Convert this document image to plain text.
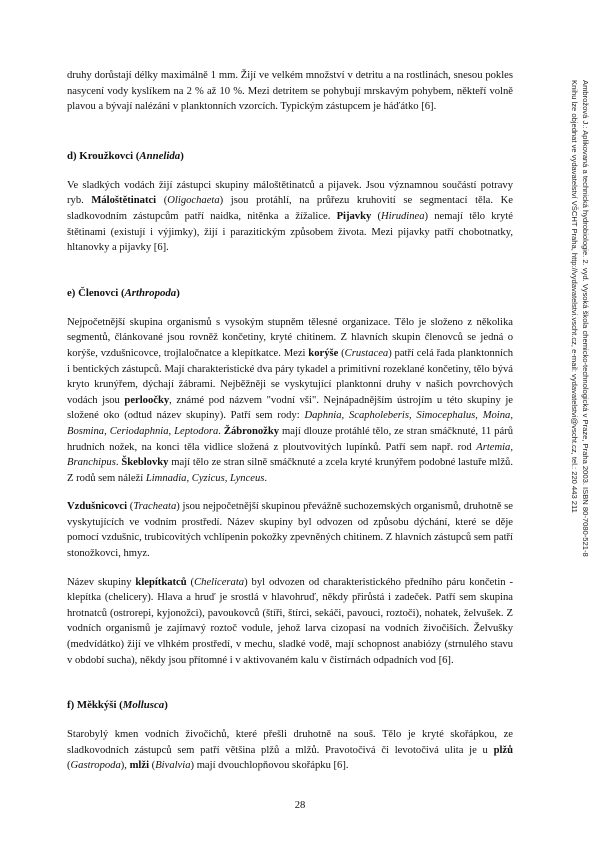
druhy dorůstají délky maximálně 1 mm. Žijí ve velkém množství v detritu a na rostlinách, snesou pokles nasycení vody kyslíkem na 2 % až 10 %. Mezi detritem se pohybují mrskavým pohybem, někteří volně plavou a bývají nalézáni v planktonních vzorcích. Typickým zástupcem je háďátko [6].

d) Kroužkovci (Annelida)

Ve sladkých vodách žijí zástupci skupiny máloštětinatců a pijavek. Jsou významnou součástí potravy ryb. Máloštětinatci (Oligochaeta) jsou protáhlí, na průřezu kruhovití se segmentací těla. Ke sladkovodním zástupcům patří naidka, nitěnka a žížalice. Pijavky (Hirudinea) nemají tělo kryté štětinami (existují i výjimky), žijí i parazitickým způsobem života. Mezi pijavky patří chobotnatky, hltanovky a pijavky [6].

e) Členovci (Arthropoda)

Nejpočetnější skupina organismů s vysokým stupněm tělesné organizace. Tělo je složeno z několika segmentů, článkované jsou rovněž končetiny, kryté chitinem. Z hlavních skupin členovců se jedná o korýše, vzdušnicovce, trojlaločnatce a klepítkatce. Mezi korýše (Crustacea) patří celá řada planktonních i bentických zástupců. Mají charakteristické dva páry tykadel a primitivní rozeklané končetiny, tělo bývá kryto krunýřem, dýchají žábrami. Nejběžněji se vyskytující planktonní druhy v našich povrchových vodách jsou perloočky, známé pod názvem "vodní vši". Nejnápadnějším ústrojím u této skupiny je složené oko (odtud název skupiny). Patří sem rody: Daphnia, Scapholeberis, Simocephalus, Moina, Bosmina, Ceriodaphnia, Leptodora. Žábronožky mají dlouze protáhlé tělo, ze stran smáčknuté, 11 párů hrudních nožek, na konci těla vidlice složená z ploutvovitých lupínků. Patří sem např. rod Artemia, Branchipus. Škeblovky mají tělo ze stran silně smáčknuté a zcela kryté krunýřem podobné lastuře mlžů. Z rodů sem náleží Limnadia, Cyzicus, Lynceus.

Vzdušnicovci (Tracheata) jsou nejpočetnější skupinou převážně suchozemských organismů, druhotně se vyskytujících ve vodním prostředí. Název skupiny byl odvozen od způsobu dýchání, které se děje pomocí vzdušnic, trubicovitých vchlípenin pokožky zpevněných chitinem. Z hlavních zástupců sem patří stonožkovci, hmyz.

Název skupiny klepítkatců (Chelicerata) byl odvozen od charakteristického předního páru končetin - klepítka (chelicery). Hlava a hruď je srostlá v hlavohruď, někdy přirůstá i zadeček. Patří sem skupina hrotnatců (ostrorepi, kyjonožci), pavoukovců (štíři, štírci, sekáči, pavouci, roztoči), nohatek, želvušek. Z vodních organismů je zajímavý roztoč vodule, jehož larva cizopasí na vodních živočiších. Želvušky (medvídátko) žijí ve vlhkém prostředí, v mechu, sladké vodě, mají schopnost anabiózy (strnulého stavu v období sucha), někdy jsou přítomné i v aktivovaném kalu v čistírnách odpadních vod [6].

f) Měkkýši (Mollusca)

Starobylý kmen vodních živočichů, které přešli druhotně na souš. Tělo je kryté skořápkou, ze sladkovodních zástupců sem patří většina plžů a mlžů. Pravotočivá či levotočivá ulita je u plžů (Gastropoda), mlži (Bivalvia) mají dvouchlopňovou skořápku [6].

Ambrožová J.: Aplikovaná a technická hydrobiologie. 2. vyd. Vysoká škola chemicko-technologická v Praze, Praha 2003. ISBN 80-7080-521-8
Knihu lze objednat ve vydavatelství VŠCHT Praha, http://vydavatelstvi.vscht.cz, e-mail: vydavatelstvi@vscht.cz, tel.: 220 443 211
28
